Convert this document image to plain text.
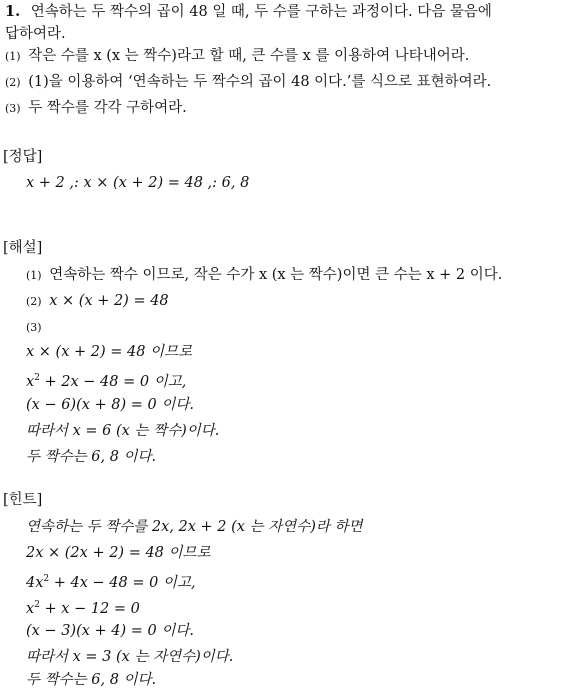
1. 연속하는 두 짝수의 곱이 48 일 때, 두 수를 구하는 과정이다. 다음 물음에
답하여라.
(1) 작은 수를 x (x 는 짝수)라고 할 때, 큰 수를 x 를 이용하여 나타내어라.
(2) (1)을 이용하여 ‘연속하는 두 짝수의 곱이 48 이다.’를 식으로 표현하여라.
(3) 두 짝수를 각각 구하여라.
[정답]
x + 2 ,: x × (x + 2) = 48 ,: 6, 8
[해설]
(1) 연속하는 짝수 이므로, 작은 수가 x (x 는 짝수)이면 큰 수는 x + 2 이다.
(2) x × (x + 2) = 48
(3)
x × (x + 2) = 48 이므로
$x^2 + 2x - 48 = 0$ 이고,
(x − 6)(x + 8) = 0 이다.
따라서 x = 6 (x 는 짝수)이다.
두 짝수는 6, 8 이다.
[힌트]
연속하는 두 짝수를 2x, 2x + 2 (x 는 자연수)라 하면
2x × (2x + 2) = 48 이므로
$4x^2 + 4x - 48 = 0$ 이고,
$x^2 + x - 12 = 0$
(x − 3)(x + 4) = 0 이다.
따라서 x = 3 (x 는 자연수)이다.
두 짝수는 6, 8 이다.
